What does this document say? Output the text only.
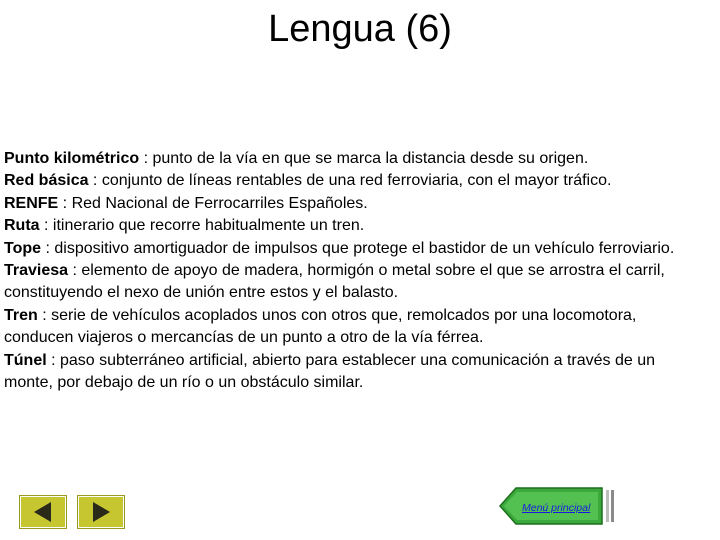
Lengua (6)

Punto kilométrico : punto de la vía en que se marca la distancia desde su origen.

Red básica : conjunto de líneas rentables de una red ferroviaria, con el mayor tráfico.

RENFE : Red Nacional de Ferrocarriles Españoles.

Ruta : itinerario que recorre habitualmente un tren.

Tope : dispositivo amortiguador de impulsos que protege el bastidor de un vehículo ferroviario.

Traviesa : elemento de apoyo de madera, hormigón o metal sobre el que se arrostra el carril, constituyendo el nexo de unión entre estos y el balasto.

Tren : serie de vehículos acoplados unos con otros que, remolcados por una locomotora, conducen viajeros o mercancías de un punto a otro de la vía férrea.

Túnel : paso subterráneo artificial, abierto para establecer una comunicación a través de un monte, por debajo de un río o un obstáculo similar.

Menú principal
